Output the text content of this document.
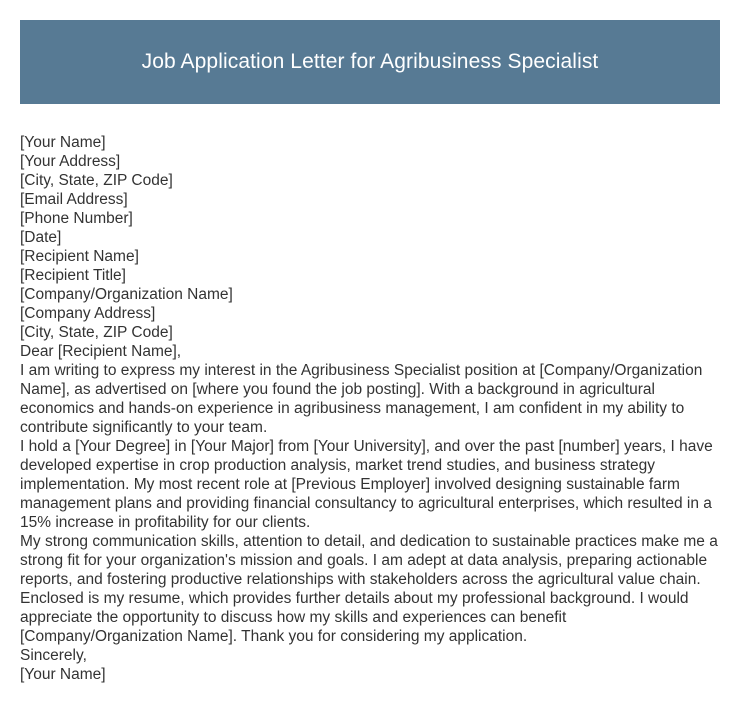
Job Application Letter for Agribusiness Specialist
[Your Name]
[Your Address]
[City, State, ZIP Code]
[Email Address]
[Phone Number]
[Date]
[Recipient Name]
[Recipient Title]
[Company/Organization Name]
[Company Address]
[City, State, ZIP Code]
Dear [Recipient Name],
I am writing to express my interest in the Agribusiness Specialist position at [Company/Organization Name], as advertised on [where you found the job posting]. With a background in agricultural economics and hands-on experience in agribusiness management, I am confident in my ability to contribute significantly to your team.
I hold a [Your Degree] in [Your Major] from [Your University], and over the past [number] years, I have developed expertise in crop production analysis, market trend studies, and business strategy implementation. My most recent role at [Previous Employer] involved designing sustainable farm management plans and providing financial consultancy to agricultural enterprises, which resulted in a 15% increase in profitability for our clients.
My strong communication skills, attention to detail, and dedication to sustainable practices make me a strong fit for your organization's mission and goals. I am adept at data analysis, preparing actionable reports, and fostering productive relationships with stakeholders across the agricultural value chain.
Enclosed is my resume, which provides further details about my professional background. I would appreciate the opportunity to discuss how my skills and experiences can benefit [Company/Organization Name]. Thank you for considering my application.
Sincerely,
[Your Name]
